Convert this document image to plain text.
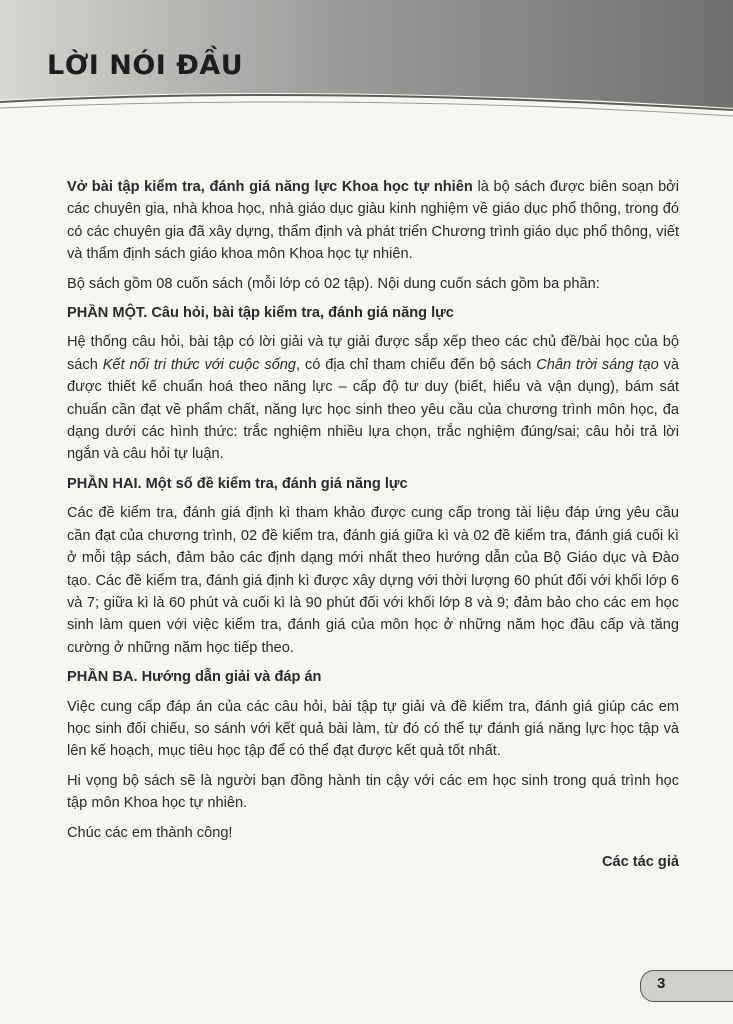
LỜI NÓI ĐẦU

Vở bài tập kiểm tra, đánh giá năng lực Khoa học tự nhiên là bộ sách được biên soạn bởi các chuyên gia, nhà khoa học, nhà giáo dục giàu kinh nghiệm về giáo dục phổ thông, trong đó có các chuyên gia đã xây dựng, thẩm định và phát triển Chương trình giáo dục phổ thông, viết và thẩm định sách giáo khoa môn Khoa học tự nhiên.

Bộ sách gồm 08 cuốn sách (mỗi lớp có 02 tập). Nội dung cuốn sách gồm ba phần:

PHẦN MỘT. Câu hỏi, bài tập kiểm tra, đánh giá năng lực

Hệ thống câu hỏi, bài tập có lời giải và tự giải được sắp xếp theo các chủ đề/bài học của bộ sách Kết nối tri thức với cuộc sống, có địa chỉ tham chiếu đến bộ sách Chân trời sáng tạo và được thiết kế chuẩn hoá theo năng lực – cấp độ tư duy (biết, hiểu và vận dụng), bám sát chuẩn cần đạt về phẩm chất, năng lực học sinh theo yêu cầu của chương trình môn học, đa dạng dưới các hình thức: trắc nghiệm nhiều lựa chọn, trắc nghiệm đúng/sai; câu hỏi trả lời ngắn và câu hỏi tự luận.

PHẦN HAI. Một số đề kiểm tra, đánh giá năng lực

Các đề kiểm tra, đánh giá định kì tham khảo được cung cấp trong tài liệu đáp ứng yêu cầu cần đạt của chương trình, 02 đề kiểm tra, đánh giá giữa kì và 02 đề kiểm tra, đánh giá cuối kì ở mỗi tập sách, đảm bảo các định dạng mới nhất theo hướng dẫn của Bộ Giáo dục và Đào tạo. Các đề kiểm tra, đánh giá định kì được xây dựng với thời lượng 60 phút đối với khối lớp 6 và 7; giữa kì là 60 phút và cuối kì là 90 phút đối với khối lớp 8 và 9; đảm bảo cho các em học sinh làm quen với việc kiểm tra, đánh giá của môn học ở những năm học đầu cấp và tăng cường ở những năm học tiếp theo.

PHẦN BA. Hướng dẫn giải và đáp án

Việc cung cấp đáp án của các câu hỏi, bài tập tự giải và đề kiểm tra, đánh giá giúp các em học sinh đối chiếu, so sánh với kết quả bài làm, từ đó có thể tự đánh giá năng lực học tập và lên kế hoạch, mục tiêu học tập để có thể đạt được kết quả tốt nhất.

Hi vọng bộ sách sẽ là người bạn đồng hành tin cậy với các em học sinh trong quá trình học tập môn Khoa học tự nhiên.

Chúc các em thành công!

Các tác giả

3
